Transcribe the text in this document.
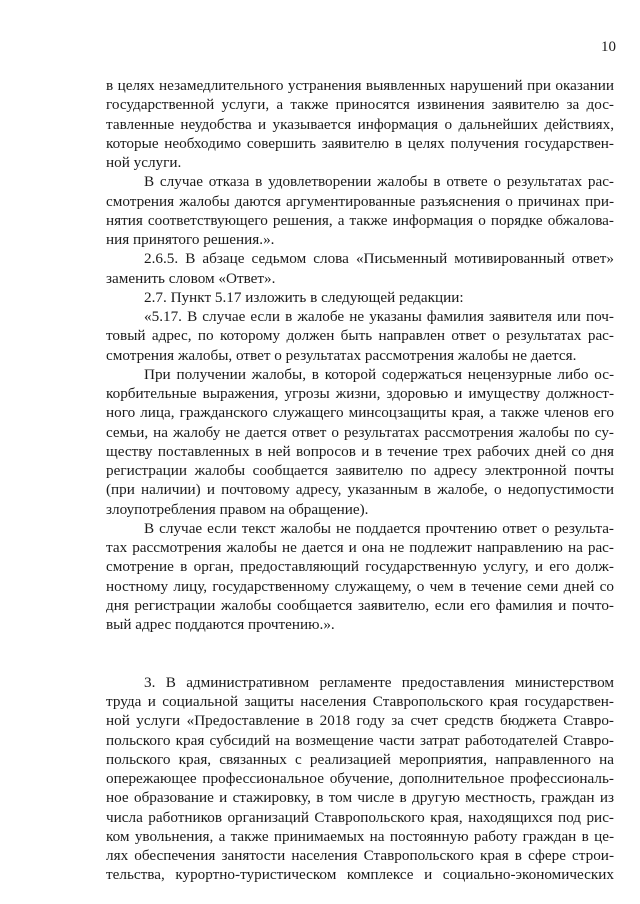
10
в целях незамедлительного устранения выявленных нарушений при оказании
государственной услуги, а также приносятся извинения заявителю за дос-
тавленные неудобства и указывается информация о дальнейших действиях,
которые необходимо совершить заявителю в целях получения государствен-
ной услуги.
В случае отказа в удовлетворении жалобы в ответе о результатах рас-
смотрения жалобы даются аргументированные разъяснения о причинах при-
нятия соответствующего решения, а также информация о порядке обжалова-
ния принятого решения.».
2.6.5. В абзаце седьмом слова «Письменный мотивированный ответ»
заменить словом «Ответ».
2.7. Пункт 5.17 изложить в следующей редакции:
«5.17. В случае если в жалобе не указаны фамилия заявителя или поч-
товый адрес, по которому должен быть направлен ответ о результатах рас-
смотрения жалобы, ответ о результатах рассмотрения жалобы не дается.
При получении жалобы, в которой содержаться нецензурные либо ос-
корбительные выражения, угрозы жизни, здоровью и имуществу должност-
ного лица, гражданского служащего минсоцзащиты края, а также членов его
семьи, на жалобу не дается ответ о результатах рассмотрения жалобы по су-
ществу поставленных в ней вопросов и в течение трех рабочих дней со дня
регистрации жалобы сообщается заявителю по адресу электронной почты
(при наличии) и почтовому адресу, указанным в жалобе, о недопустимости
злоупотребления правом на обращение).
В случае если текст жалобы не поддается прочтению ответ о результа-
тах рассмотрения жалобы не дается и она не подлежит направлению на рас-
смотрение в орган, предоставляющий государственную услугу, и его долж-
ностному лицу, государственному служащему, о чем в течение семи дней со
дня регистрации жалобы сообщается заявителю, если его фамилия и почто-
вый адрес поддаются прочтению.».
3. В административном регламенте предоставления министерством
труда и социальной защиты населения Ставропольского края государствен-
ной услуги «Предоставление в 2018 году за счет средств бюджета Ставро-
польского края субсидий на возмещение части затрат работодателей Ставро-
польского края, связанных с реализацией мероприятия, направленного на
опережающее профессиональное обучение, дополнительное профессиональ-
ное образование и стажировку, в том числе в другую местность, граждан из
числа работников организаций Ставропольского края, находящихся под рис-
ком увольнения, а также принимаемых на постоянную работу граждан в це-
лях обеспечения занятости населения Ставропольского края в сфере строи-
тельства, курортно-туристическом комплексе и социально-экономических
